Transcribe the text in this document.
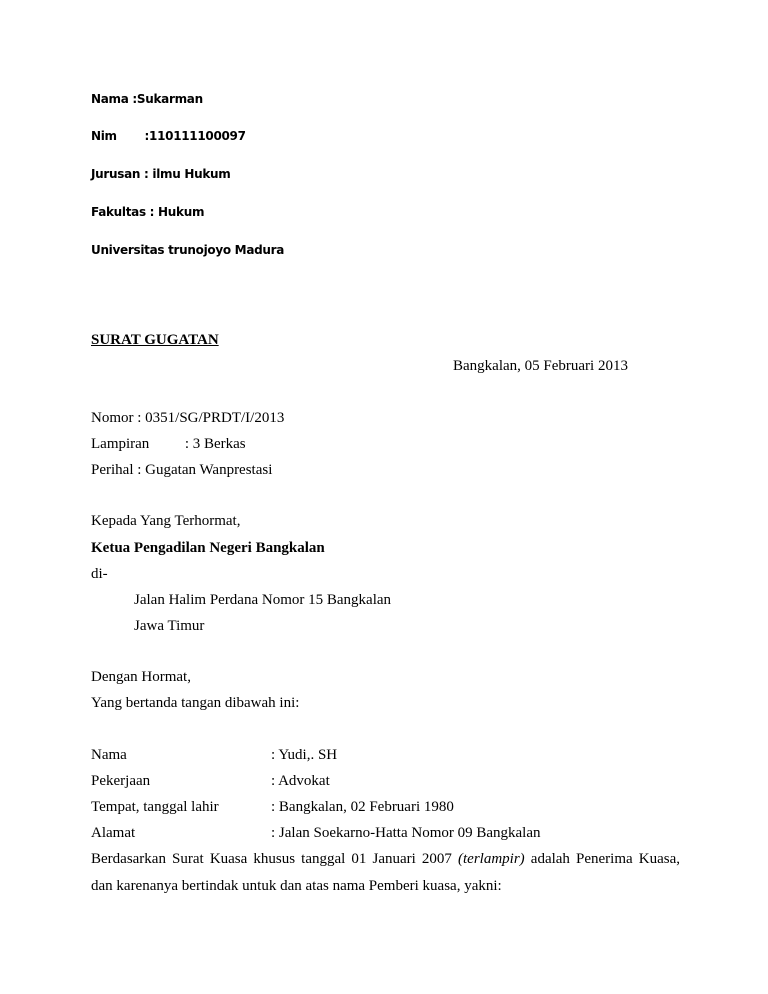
Nama :Sukarman
Nim :110111100097
Jurusan : ilmu Hukum
Fakultas : Hukum
Universitas trunojoyo Madura
SURAT GUGATAN
Bangkalan, 05 Februari 2013
Nomor : 0351/SG/PRDT/I/2013
Lampiran : 3 Berkas
Perihal : Gugatan Wanprestasi
Kepada Yang Terhormat,
Ketua Pengadilan Negeri Bangkalan
di-
Jalan Halim Perdana Nomor 15 Bangkalan
Jawa Timur
Dengan Hormat,
Yang bertanda tangan dibawah ini:
Nama	: Yudi,. SH
Pekerjaan	: Advokat
Tempat, tanggal lahir	: Bangkalan, 02 Februari 1980
Alamat	: Jalan Soekarno-Hatta Nomor 09 Bangkalan
Berdasarkan Surat Kuasa khusus tanggal 01 Januari 2007 (terlampir) adalah Penerima Kuasa,
dan karenanya bertindak untuk dan atas nama Pemberi kuasa, yakni:
